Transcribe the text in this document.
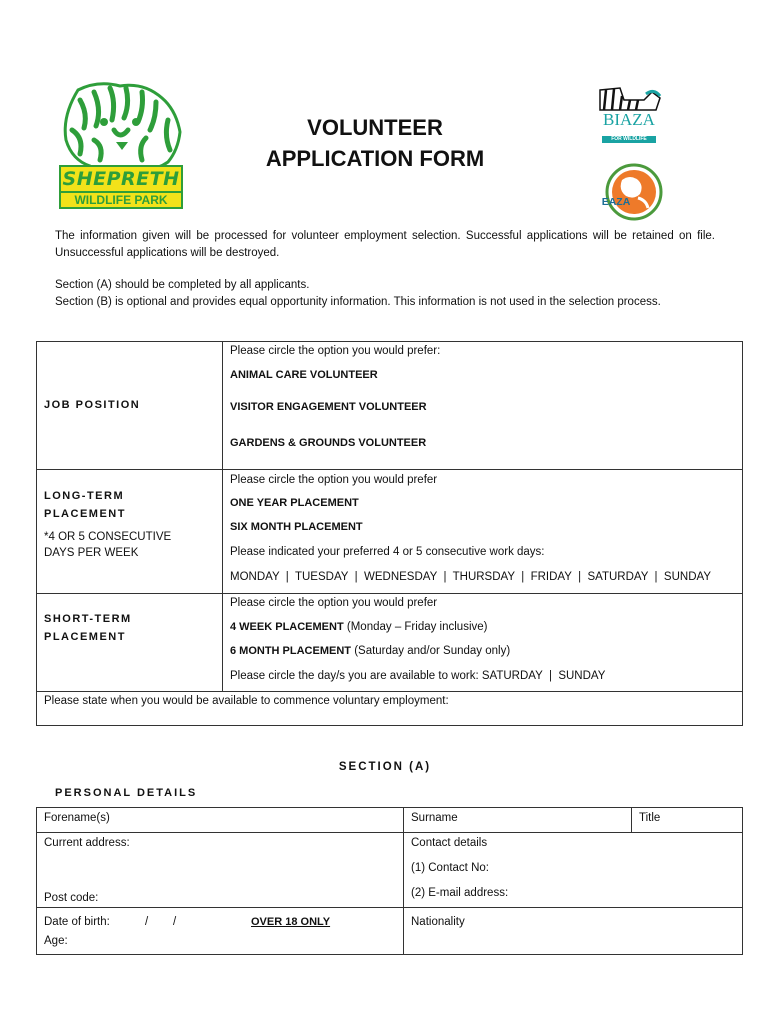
SHEPRETH
WILDLIFE PARK
BIAZA
FOR WILDLIFE
EAZA
VOLUNTEER
APPLICATION FORM
The information given will be processed for volunteer employment selection. Successful applications will be retained on file. Unsuccessful applications will be destroyed.
Section (A) should be completed by all applicants.
Section (B) is optional and provides equal opportunity information. This information is not used in the selection process.
JOB POSITION
Please circle the option you would prefer:
ANIMAL CARE VOLUNTEER
VISITOR ENGAGEMENT VOLUNTEER
GARDENS & GROUNDS VOLUNTEER
LONG-TERM
PLACEMENT
*4 OR 5 CONSECUTIVE
DAYS PER WEEK
Please circle the option you would prefer
ONE YEAR PLACEMENT
SIX MONTH PLACEMENT
Please indicated your preferred 4 or 5 consecutive work days:
MONDAY  |  TUESDAY  |  WEDNESDAY  |  THURSDAY  |  FRIDAY  |  SATURDAY  |  SUNDAY
SHORT-TERM
PLACEMENT
Please circle the option you would prefer
4 WEEK PLACEMENT (Monday – Friday inclusive)
6 MONTH PLACEMENT (Saturday and/or Sunday only)
Please circle the day/s you are available to work: SATURDAY  |  SUNDAY
Please state when you would be available to commence voluntary employment:
SECTION (A)
PERSONAL DETAILS
Forename(s)	Surname	Title
Current address:
Post code:
Contact details
(1) Contact No:
(2) E-mail address:
Date of birth:	/ /	OVER 18 ONLY
Age:
Nationality
